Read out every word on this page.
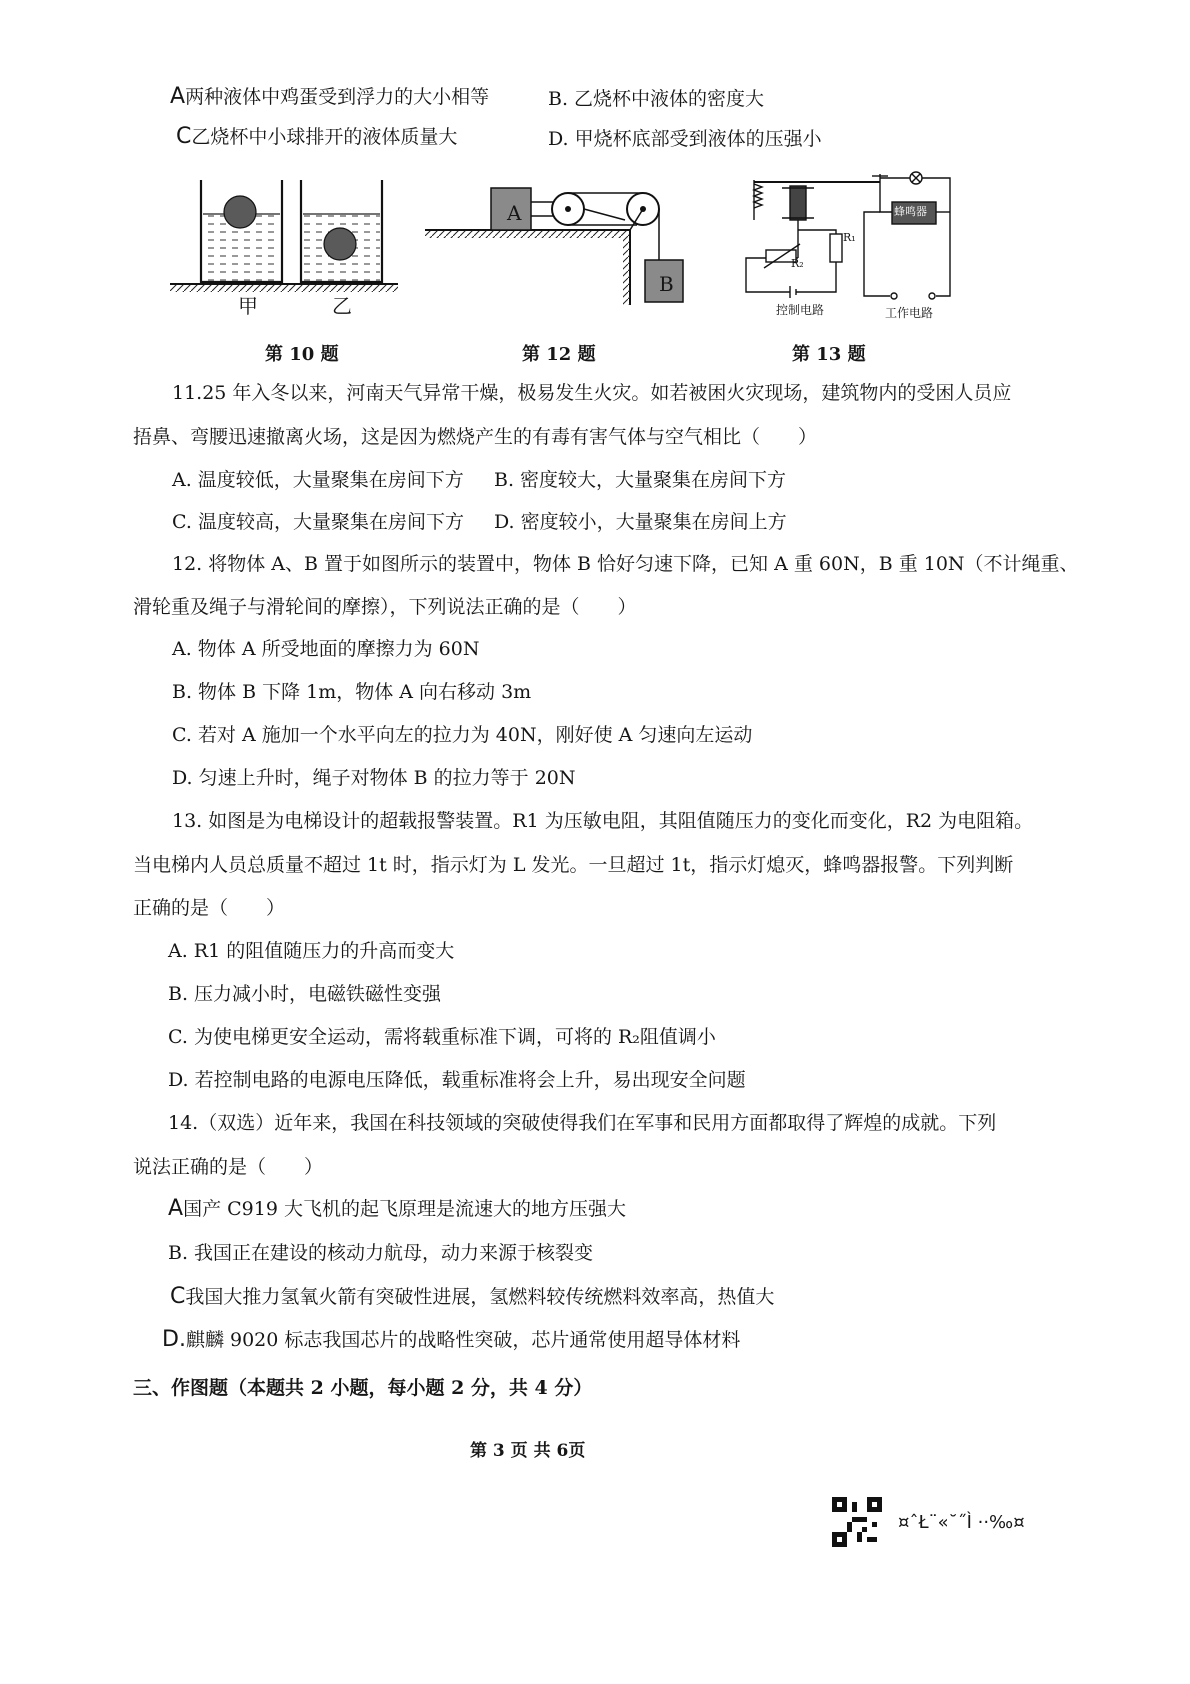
A两种液体中鸡蛋受到浮力的大小相等	B. 乙烧杯中液体的密度大
C乙烧杯中小球排开的液体质量大	D. 甲烧杯底部受到液体的压强小
甲	乙
第 10 题
A
B
第 12 题
R₁
R₂
蜂鸣器
控制电路	工作电路
第 13 题
11.25 年入冬以来，河南天气异常干燥，极易发生火灾。如若被困火灾现场，建筑物内的受困人员应
捂鼻、弯腰迅速撤离火场，这是因为燃烧产生的有毒有害气体与空气相比（　　）
A. 温度较低，大量聚集在房间下方 B. 密度较大，大量聚集在房间下方
C. 温度较高，大量聚集在房间下方 D. 密度较小，大量聚集在房间上方
12. 将物体 A、B 置于如图所示的装置中，物体 B 恰好匀速下降，已知 A 重 60N，B 重 10N（不计绳重、
滑轮重及绳子与滑轮间的摩擦），下列说法正确的是（　　）
A. 物体 A 所受地面的摩擦力为 60N
B. 物体 B 下降 1m，物体 A 向右移动 3m
C. 若对 A 施加一个水平向左的拉力为 40N，刚好使 A 匀速向左运动
D. 匀速上升时，绳子对物体 B 的拉力等于 20N
13. 如图是为电梯设计的超载报警装置。R1 为压敏电阻，其阻值随压力的变化而变化，R2 为电阻箱。
当电梯内人员总质量不超过 1t 时，指示灯为 L 发光。一旦超过 1t，指示灯熄灭，蜂鸣器报警。下列判断
正确的是（　　）
A. R1 的阻值随压力的升高而变大
B. 压力减小时，电磁铁磁性变强
C. 为使电梯更安全运动，需将载重标准下调，可将的 R₂阻值调小
D. 若控制电路的电源电压降低，载重标准将会上升，易出现安全问题
14.（双选）近年来，我国在科技领域的突破使得我们在军事和民用方面都取得了辉煌的成就。下列
说法正确的是（　　）
A国产 C919 大飞机的起飞原理是流速大的地方压强大
B. 我国正在建设的核动力航母，动力来源于核裂变
C我国大推力氢氧火箭有突破性进展，氢燃料较传统燃料效率高，热值大
D.麒麟 9020 标志我国芯片的战略性突破，芯片通常使用超导体材料
三、作图题（本题共 2 小题，每小题 2 分，共 4 分）
第 3 页 共 6页
¤ˆŁ¨«˘˝Ì ··‰¤
